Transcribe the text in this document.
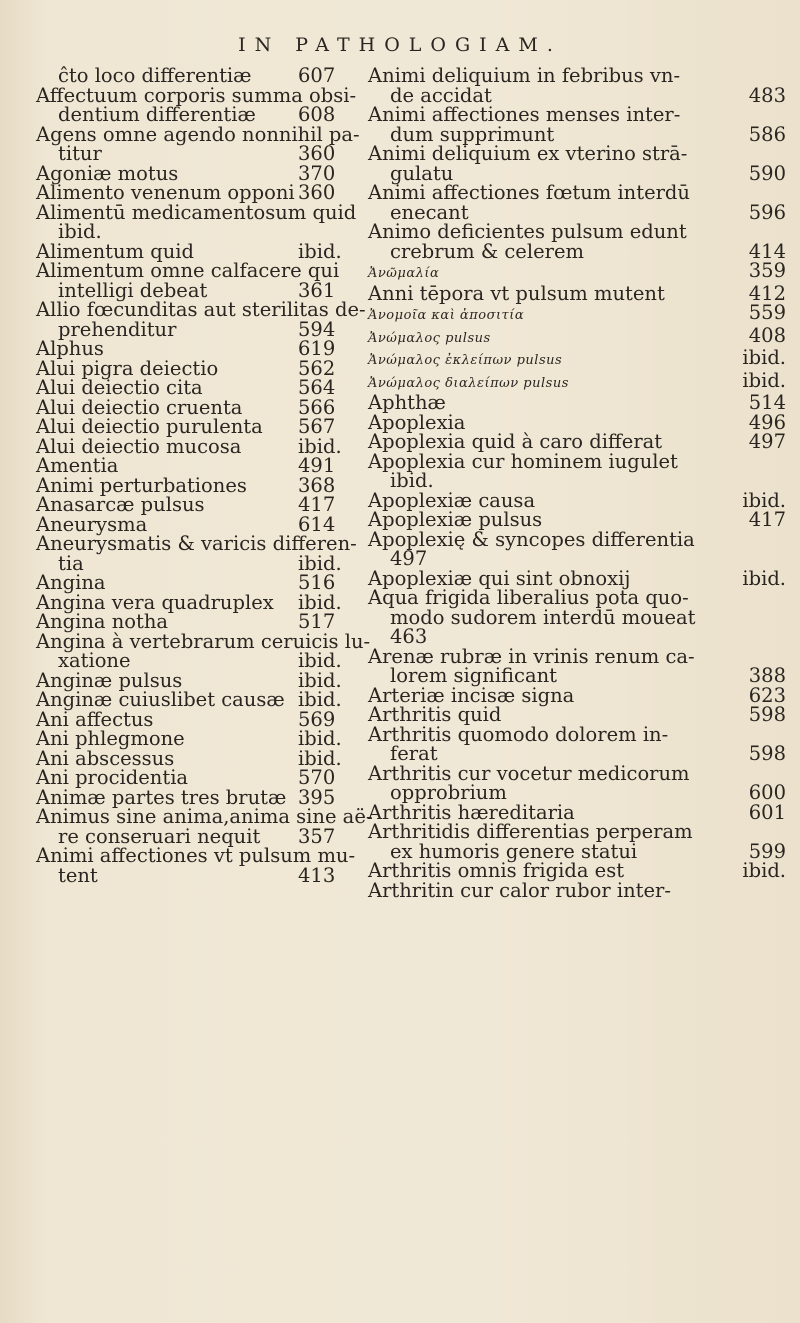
IN PATHOLOGIAM.
ĉto loco differentiæ 607
Affectuum corporis summa obsi-
dentium differentiæ 608
Agens omne agendo nonnihil pa-
titur	360
Agoniæ motus	370
Alimento venenum opponi 360
Alimentū medicamentosum quid
ibid.
Alimentum quid	ibid.
Alimentum omne calfacere qui
intelligi debeat	361
Allio fœcunditas aut sterilitas de-
prehenditur	594
Alphus	619
Alui pigra deiectio	562
Alui deiectio cita	564
Alui deiectio cruenta	566
Alui deiectio purulenta 567
Alui deiectio mucosa	ibid.
Amentia	491
Animi perturbationes	368
Anasarcæ pulsus	417
Aneurysma	614
Aneurysmatis & varicis differen-
tia	ibid.
Angina	516
Angina vera quadruplex ibid.
Angina notha	517
Angina à vertebrarum ceruicis lu-
xatione	ibid.
Anginæ pulsus	ibid.
Anginæ cuiuslibet causæ ibid.
Ani affectus	569
Ani phlegmone	ibid.
Ani abscessus	ibid.
Ani procidentia	570
Animæ partes tres brutæ 395
Animus sine anima,anima sine aë-
re conseruari nequit 357
Animi affectiones vt pulsum mu-
tent	413
Animi deliquium in febribus vn-
de accidat	483
Animi affectiones menses inter-
dum supprimunt	586
Animi deliquium ex vterino strā-
gulatu	590
Animi affectiones fœtum interdū
enecant	596
Animo deficientes pulsum edunt
crebrum & celerem	414
Ἀνῶμαλία	359
Anni tēpora vt pulsum mutent	412
Ἀνομοῖα καὶ ἀποσιτία	559
Ἀνώμαλος pulsus	408
Ἀνώμαλος ἐκλείπων pulsus	ibid.
Ἀνώμαλος διαλείπων pulsus	ibid.
Aphthæ	514
Apoplexia	496
Apoplexia quid à caro differat	497
Apoplexia cur hominem iugulet
ibid.
Apoplexiæ causa	ibid.
Apoplexiæ pulsus	417
Apoplexię & syncopes differentia
497
Apoplexiæ qui sint obnoxij	ibid.
Aqua frigida liberalius pota quo-
modo sudorem interdū moueat
463
Arenæ rubræ in vrinis renum ca-
lorem significant	388
Arteriæ incisæ signa	623
Arthritis quid	598
Arthritis quomodo dolorem in-
ferat	598
Arthritis cur vocetur medicorum
opprobrium	600
Arthritis hæreditaria	601
Arthritidis differentias perperam
ex humoris genere statui	599
Arthritis omnis frigida est	ibid.
Arthritin cur calor rubor inter-
